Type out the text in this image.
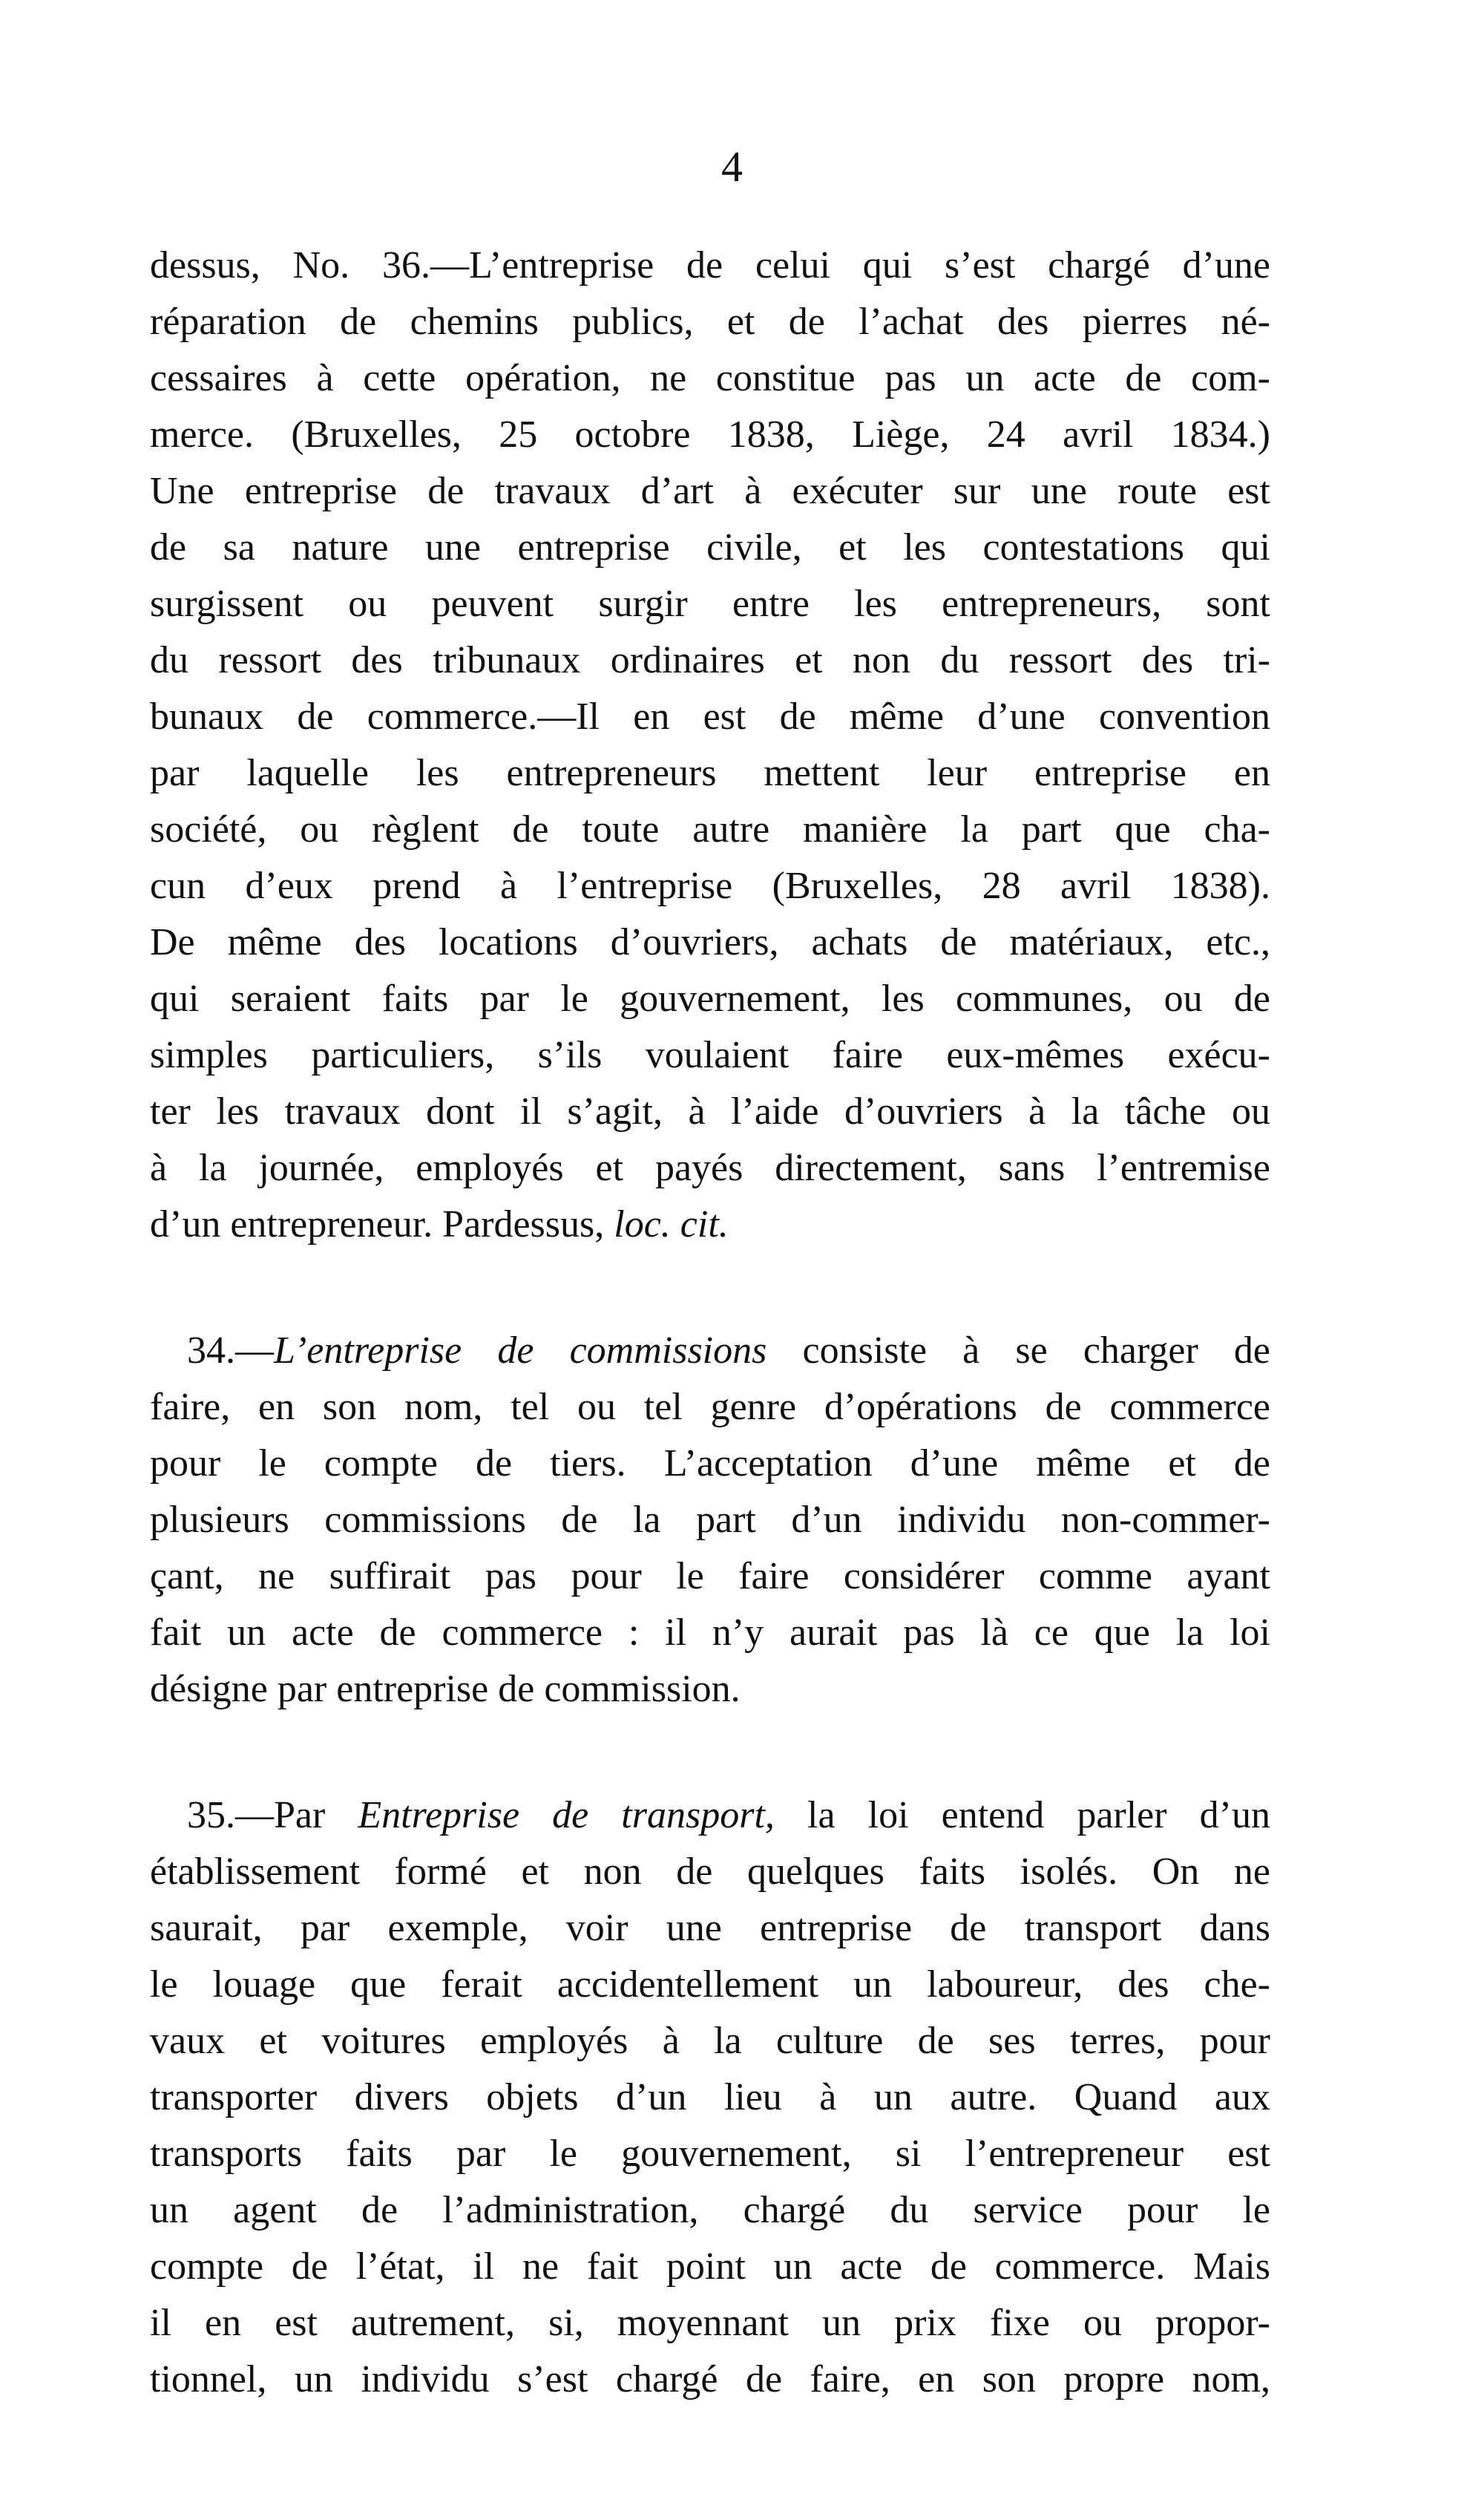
4
dessus, No. 36.—L’entreprise de celui qui s’est chargé d’une
réparation de chemins publics, et de l’achat des pierres né-
cessaires à cette opération, ne constitue pas un acte de com-
merce. (Bruxelles, 25 octobre 1838, Liège, 24 avril 1834.)
Une entreprise de travaux d’art à exécuter sur une route est
de sa nature une entreprise civile, et les contestations qui
surgissent ou peuvent surgir entre les entrepreneurs, sont
du ressort des tribunaux ordinaires et non du ressort des tri-
bunaux de commerce.—Il en est de même d’une convention
par laquelle les entrepreneurs mettent leur entreprise en
société, ou règlent de toute autre manière la part que cha-
cun d’eux prend à l’entreprise (Bruxelles, 28 avril 1838).
De même des locations d’ouvriers, achats de matériaux, etc.,
qui seraient faits par le gouvernement, les communes, ou de
simples particuliers, s’ils voulaient faire eux-mêmes exécu-
ter les travaux dont il s’agit, à l’aide d’ouvriers à la tâche ou
à la journée, employés et payés directement, sans l’entremise
d’un entrepreneur. Pardessus, loc. cit.
34.—L’entreprise de commissions consiste à se charger de
faire, en son nom, tel ou tel genre d’opérations de commerce
pour le compte de tiers. L’acceptation d’une même et de
plusieurs commissions de la part d’un individu non-commer-
çant, ne suffirait pas pour le faire considérer comme ayant
fait un acte de commerce : il n’y aurait pas là ce que la loi
désigne par entreprise de commission.
35.—Par Entreprise de transport, la loi entend parler d’un
établissement formé et non de quelques faits isolés. On ne
saurait, par exemple, voir une entreprise de transport dans
le louage que ferait accidentellement un laboureur, des che-
vaux et voitures employés à la culture de ses terres, pour
transporter divers objets d’un lieu à un autre. Quand aux
transports faits par le gouvernement, si l’entrepreneur est
un agent de l’administration, chargé du service pour le
compte de l’état, il ne fait point un acte de commerce. Mais
il en est autrement, si, moyennant un prix fixe ou propor-
tionnel, un individu s’est chargé de faire, en son propre nom,
